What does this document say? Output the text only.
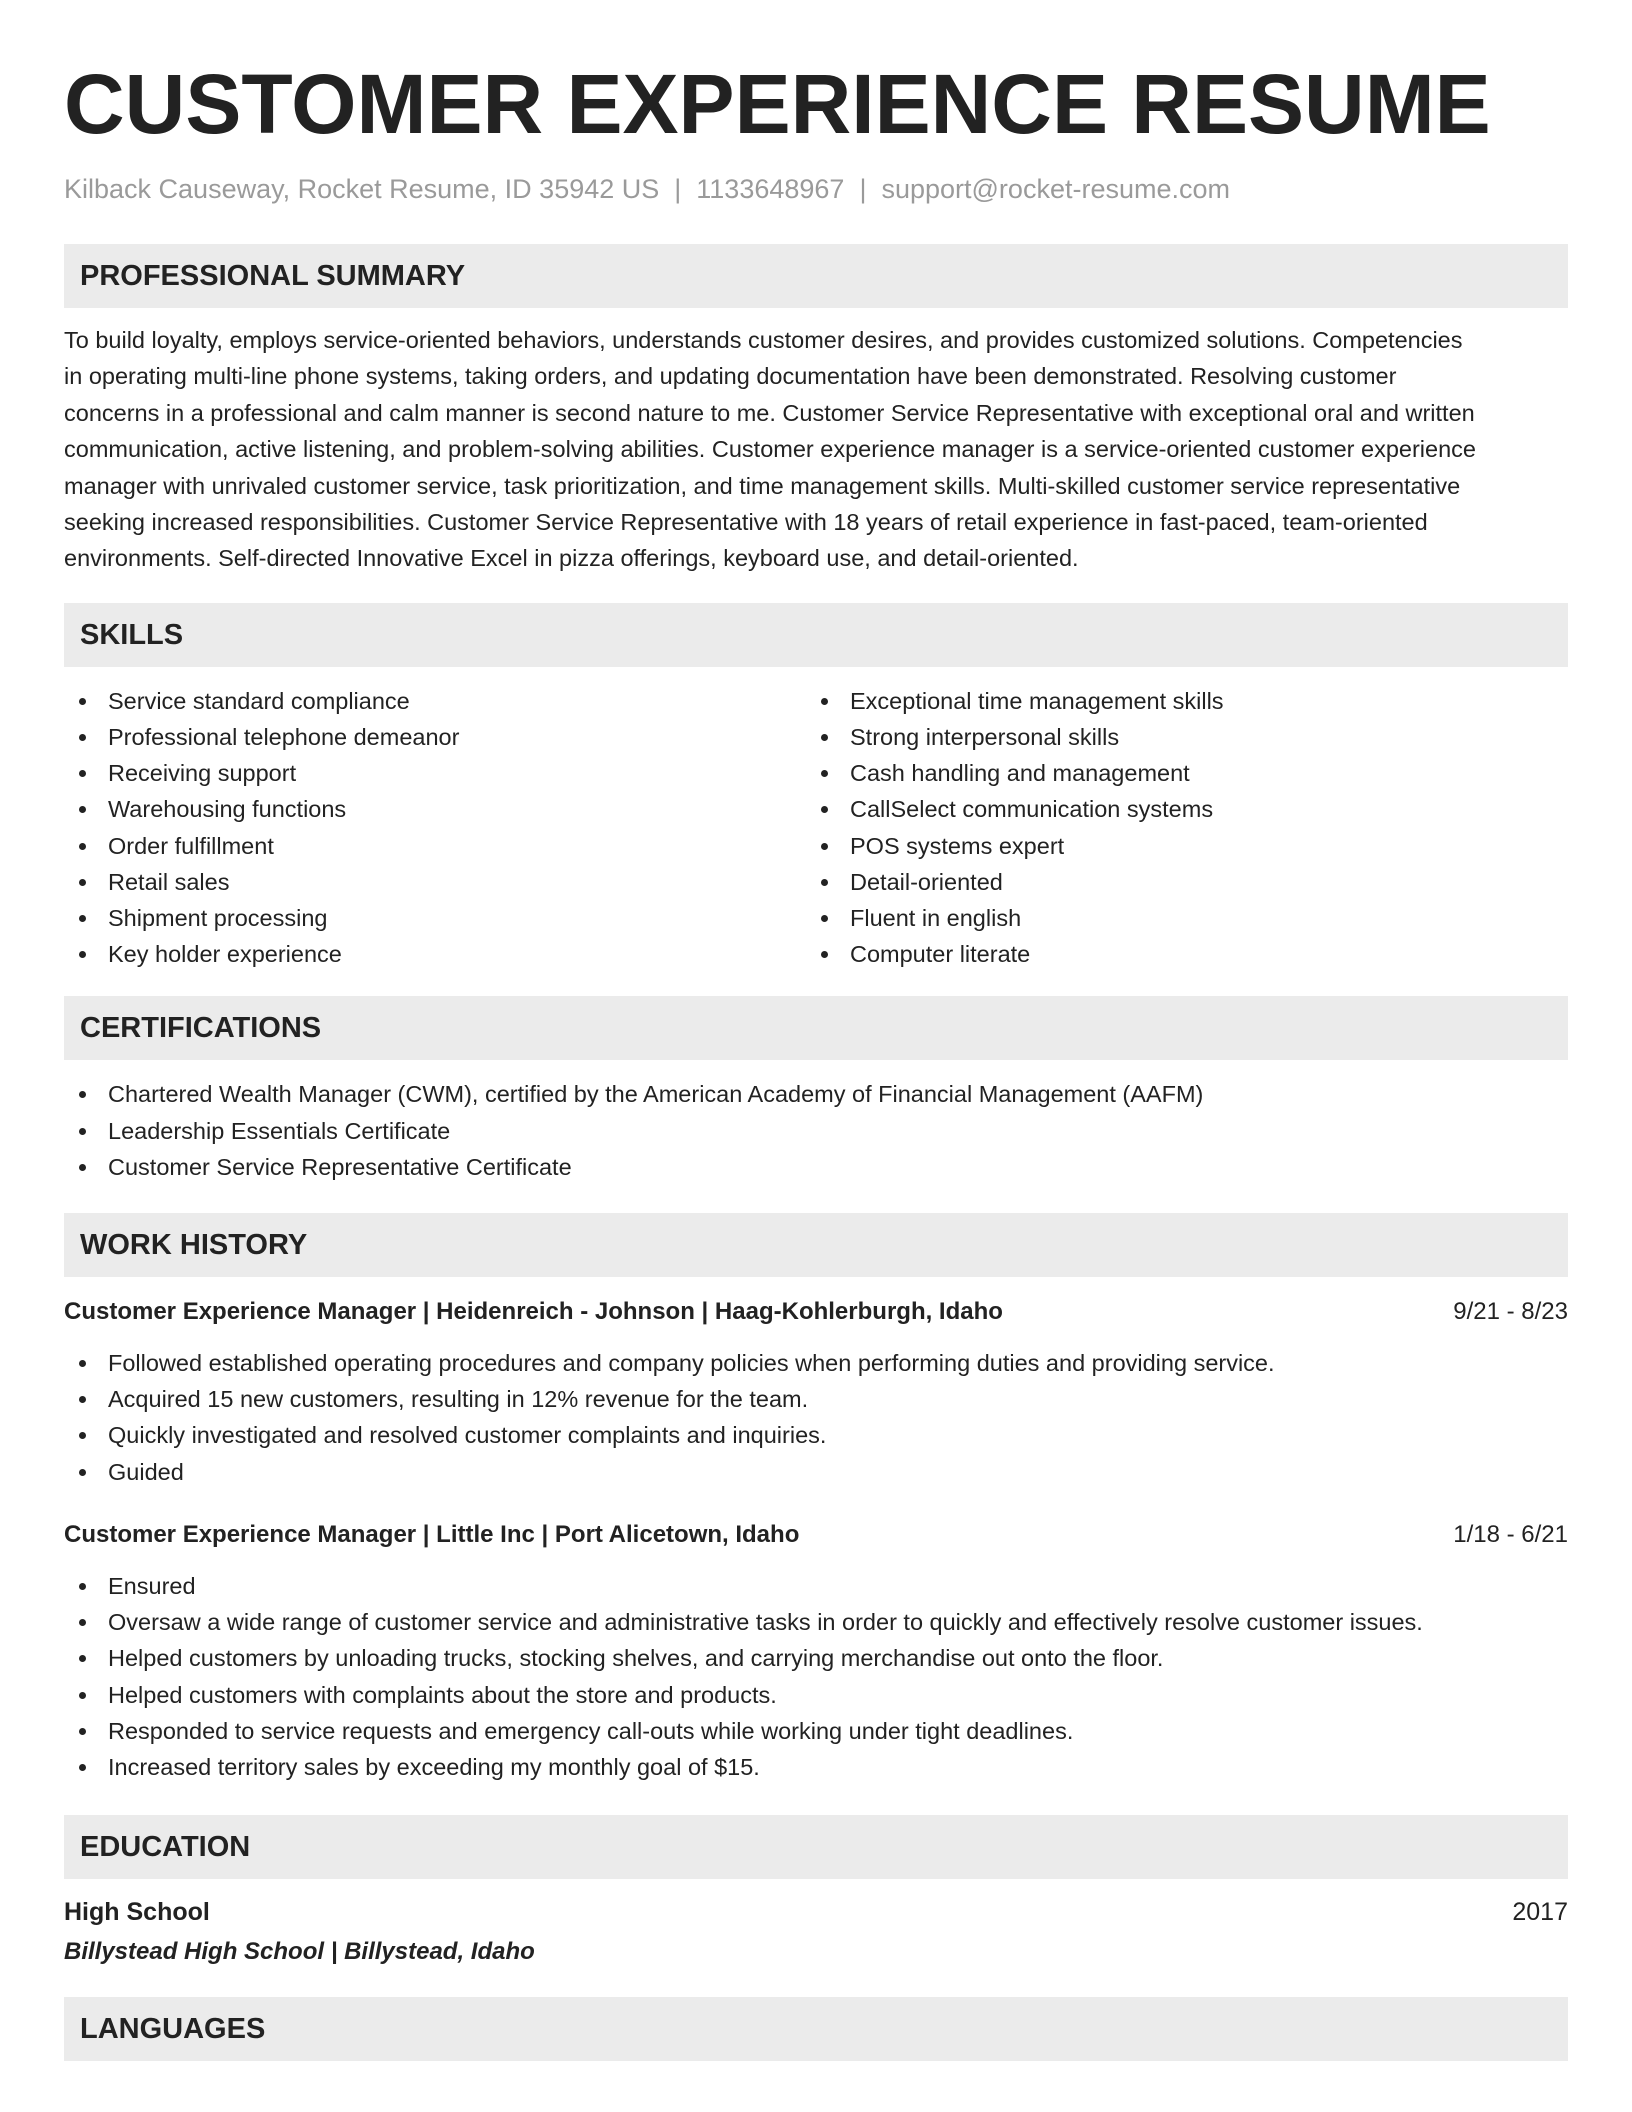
CUSTOMER EXPERIENCE RESUME
Kilback Causeway, Rocket Resume, ID 35942 US | 1133648967 | support@rocket-resume.com
PROFESSIONAL SUMMARY
To build loyalty, employs service-oriented behaviors, understands customer desires, and provides customized solutions. Competencies
in operating multi-line phone systems, taking orders, and updating documentation have been demonstrated. Resolving customer
concerns in a professional and calm manner is second nature to me. Customer Service Representative with exceptional oral and written
communication, active listening, and problem-solving abilities. Customer experience manager is a service-oriented customer experience
manager with unrivaled customer service, task prioritization, and time management skills. Multi-skilled customer service representative
seeking increased responsibilities. Customer Service Representative with 18 years of retail experience in fast-paced, team-oriented
environments. Self-directed Innovative Excel in pizza offerings, keyboard use, and detail-oriented.
SKILLS
Service standard compliance
Professional telephone demeanor
Receiving support
Warehousing functions
Order fulfillment
Retail sales
Shipment processing
Key holder experience
Exceptional time management skills
Strong interpersonal skills
Cash handling and management
CallSelect communication systems
POS systems expert
Detail-oriented
Fluent in english
Computer literate
CERTIFICATIONS
Chartered Wealth Manager (CWM), certified by the American Academy of Financial Management (AAFM)
Leadership Essentials Certificate
Customer Service Representative Certificate
WORK HISTORY
Customer Experience Manager | Heidenreich - Johnson | Haag-Kohlerburgh, Idaho	9/21 - 8/23
Followed established operating procedures and company policies when performing duties and providing service.
Acquired 15 new customers, resulting in 12% revenue for the team.
Quickly investigated and resolved customer complaints and inquiries.
Guided
Customer Experience Manager | Little Inc | Port Alicetown, Idaho	1/18 - 6/21
Ensured
Oversaw a wide range of customer service and administrative tasks in order to quickly and effectively resolve customer issues.
Helped customers by unloading trucks, stocking shelves, and carrying merchandise out onto the floor.
Helped customers with complaints about the store and products.
Responded to service requests and emergency call-outs while working under tight deadlines.
Increased territory sales by exceeding my monthly goal of $15.
EDUCATION
High School	2017
Billystead High School | Billystead, Idaho
LANGUAGES
